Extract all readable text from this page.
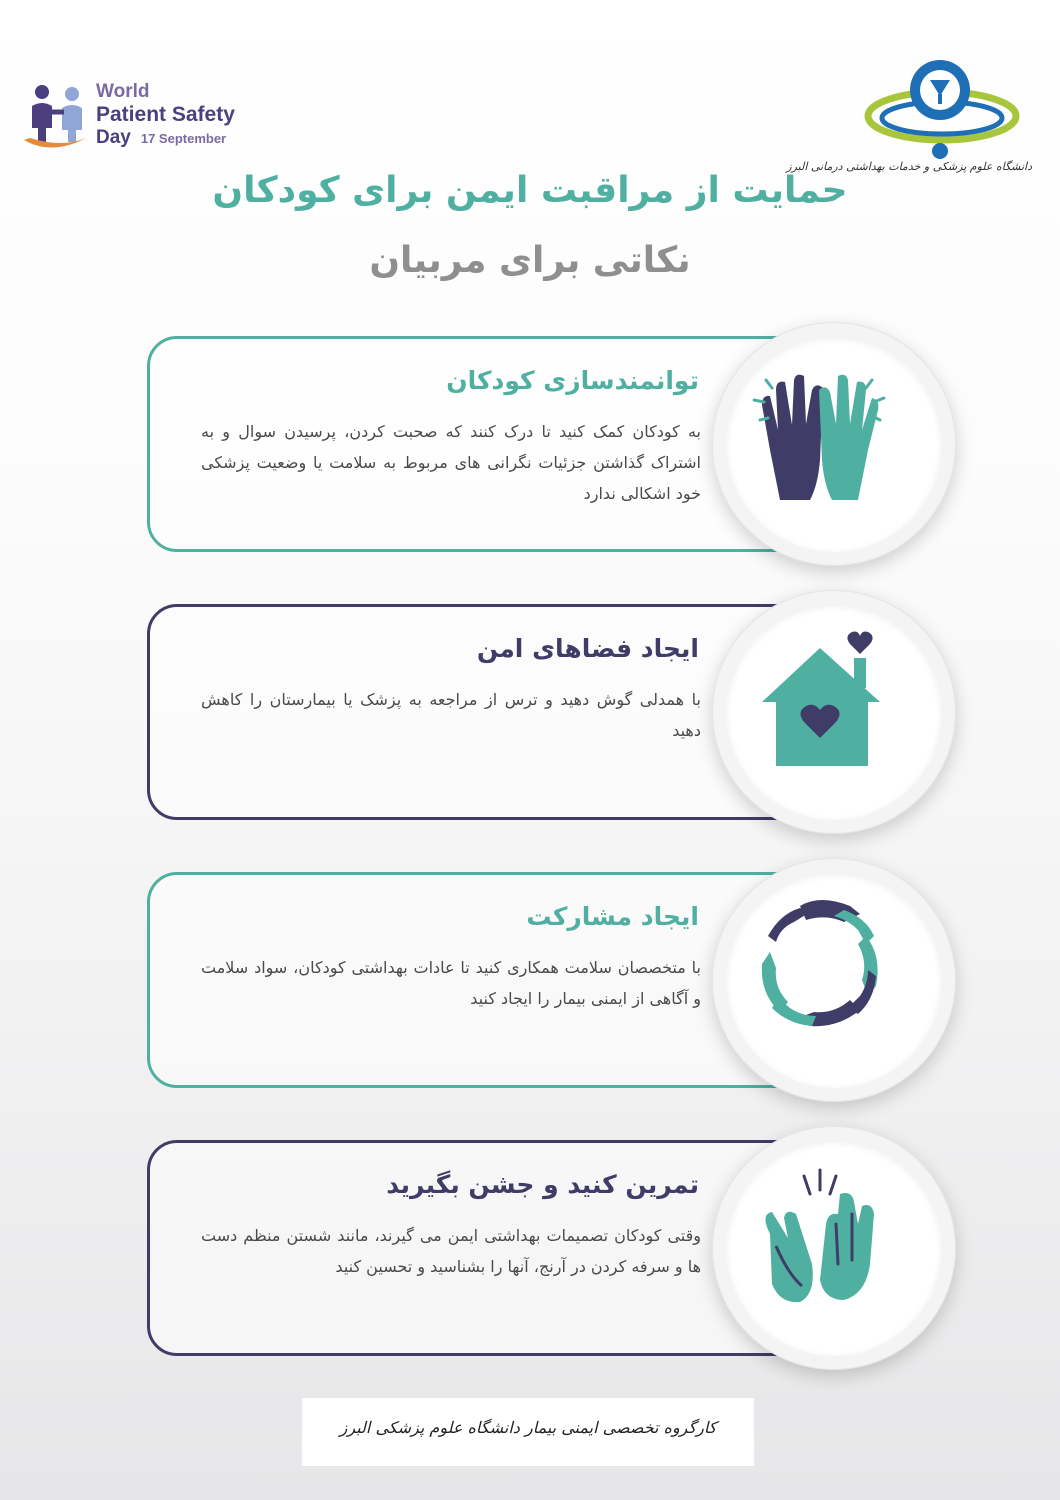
World
Patient Safety
Day 17 September
دانشگاه علوم پزشکی و خدمات بهداشتی درمانی البرز
حمایت از مراقبت ایمن برای کودکان
نکاتی برای مربیان
توانمندسازی کودکان

به کودکان کمک کنید تا درک کنند که صحبت کردن، پرسیدن سوال و به اشتراک گذاشتن جزئیات نگرانی های مربوط به سلامت یا وضعیت پزشکی خود اشکالی ندارد

ایجاد فضاهای امن

با همدلی گوش دهید و ترس از مراجعه به پزشک یا بیمارستان را کاهش دهید

ایجاد مشارکت

با متخصصان سلامت همکاری کنید تا عادات بهداشتی کودکان، سواد سلامت و آگاهی از ایمنی بیمار را ایجاد کنید

تمرین کنید و جشن بگیرید

وقتی کودکان تصمیمات بهداشتی ایمن می گیرند، مانند شستن منظم دست ها و سرفه کردن در آرنج، آنها را بشناسید و تحسین کنید

کارگروه تخصصی ایمنی بیمار دانشگاه علوم پزشکی البرز
